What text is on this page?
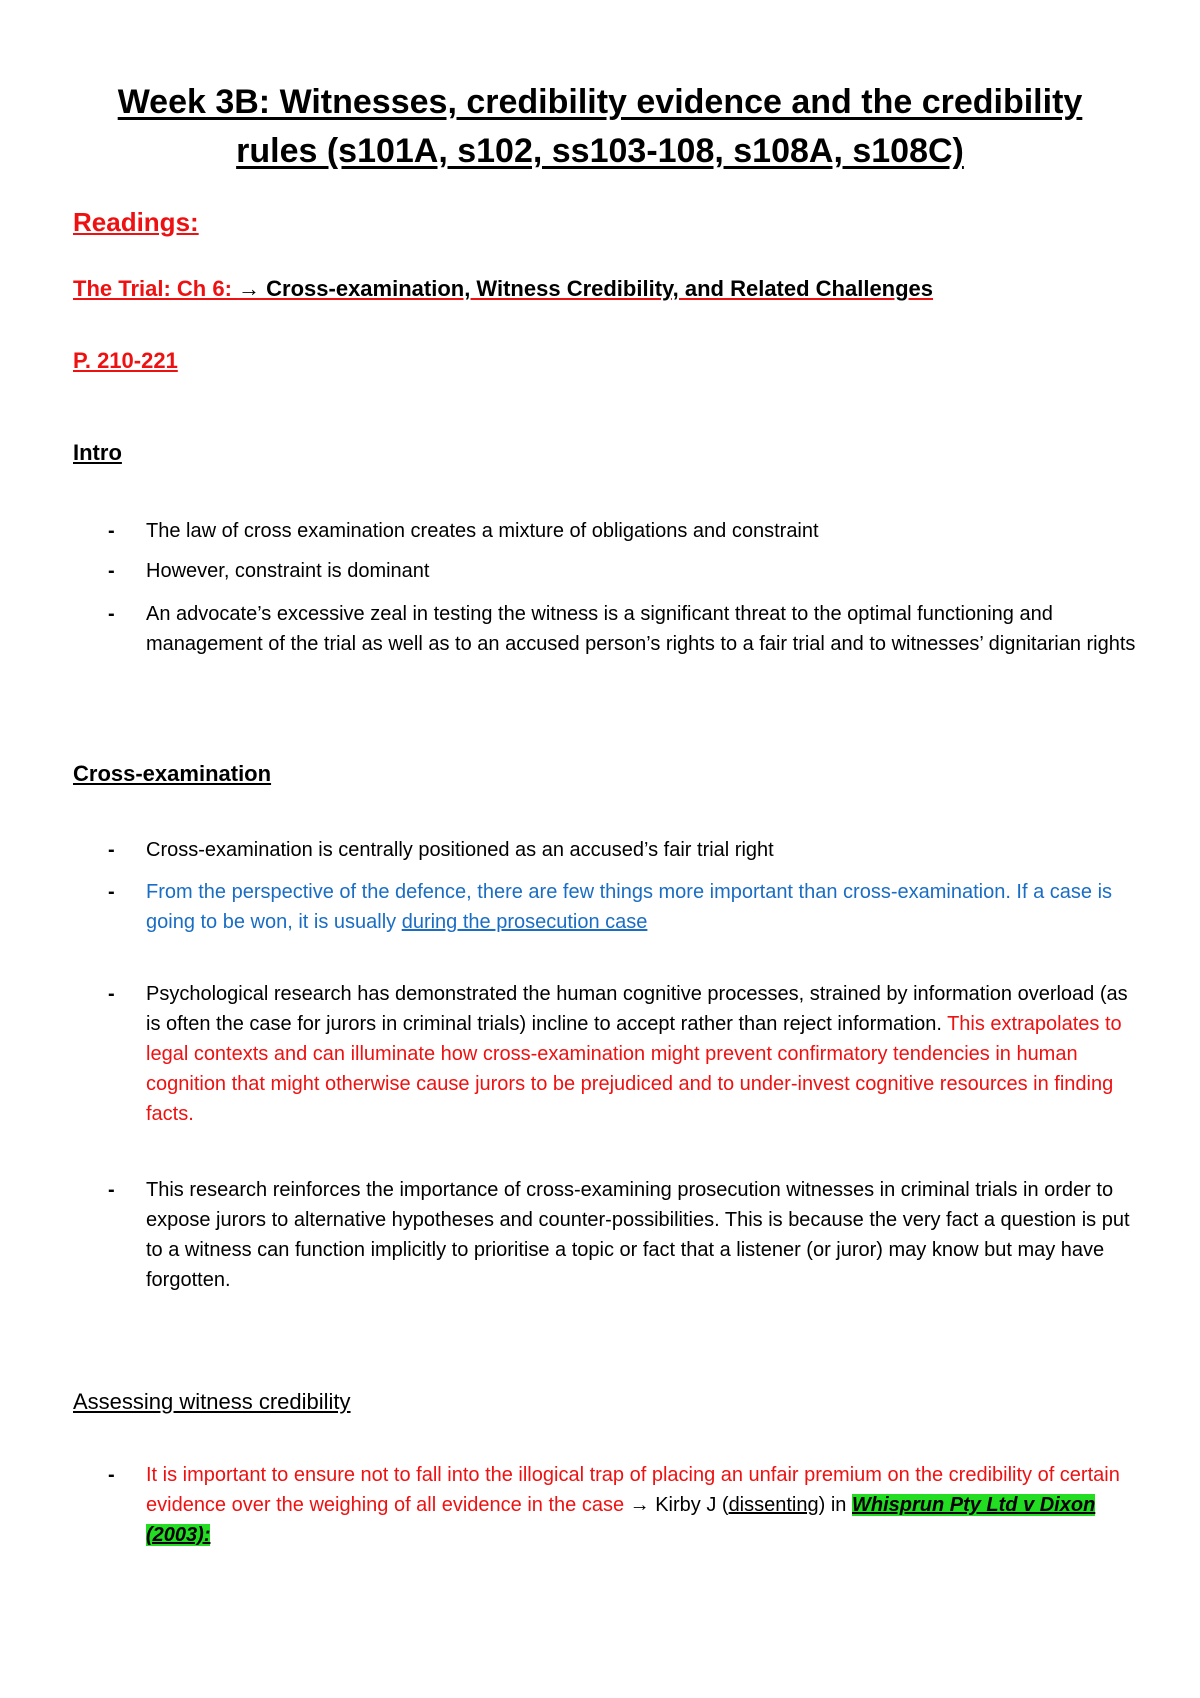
Week 3B: Witnesses, credibility evidence and the credibility
rules (s101A, s102, ss103-108, s108A, s108C)
Readings:
The Trial: Ch 6: → Cross-examination, Witness Credibility, and Related Challenges
P. 210-221
Intro
- The law of cross examination creates a mixture of obligations and constraint
- However, constraint is dominant
- An advocate’s excessive zeal in testing the witness is a significant threat to the optimal functioning and management of the trial as well as to an accused person’s rights to a fair trial and to witnesses’ dignitarian rights
Cross-examination
- Cross-examination is centrally positioned as an accused’s fair trial right
- From the perspective of the defence, there are few things more important than cross-examination. If a case is going to be won, it is usually during the prosecution case
- Psychological research has demonstrated the human cognitive processes, strained by information overload (as is often the case for jurors in criminal trials) incline to accept rather than reject information. This extrapolates to legal contexts and can illuminate how cross-examination might prevent confirmatory tendencies in human cognition that might otherwise cause jurors to be prejudiced and to under-invest cognitive resources in finding facts.
- This research reinforces the importance of cross-examining prosecution witnesses in criminal trials in order to expose jurors to alternative hypotheses and counter-possibilities. This is because the very fact a question is put to a witness can function implicitly to prioritise a topic or fact that a listener (or juror) may know but may have forgotten.
Assessing witness credibility
- It is important to ensure not to fall into the illogical trap of placing an unfair premium on the credibility of certain evidence over the weighing of all evidence in the case → Kirby J (dissenting) in Whisprun Pty Ltd v Dixon (2003):
